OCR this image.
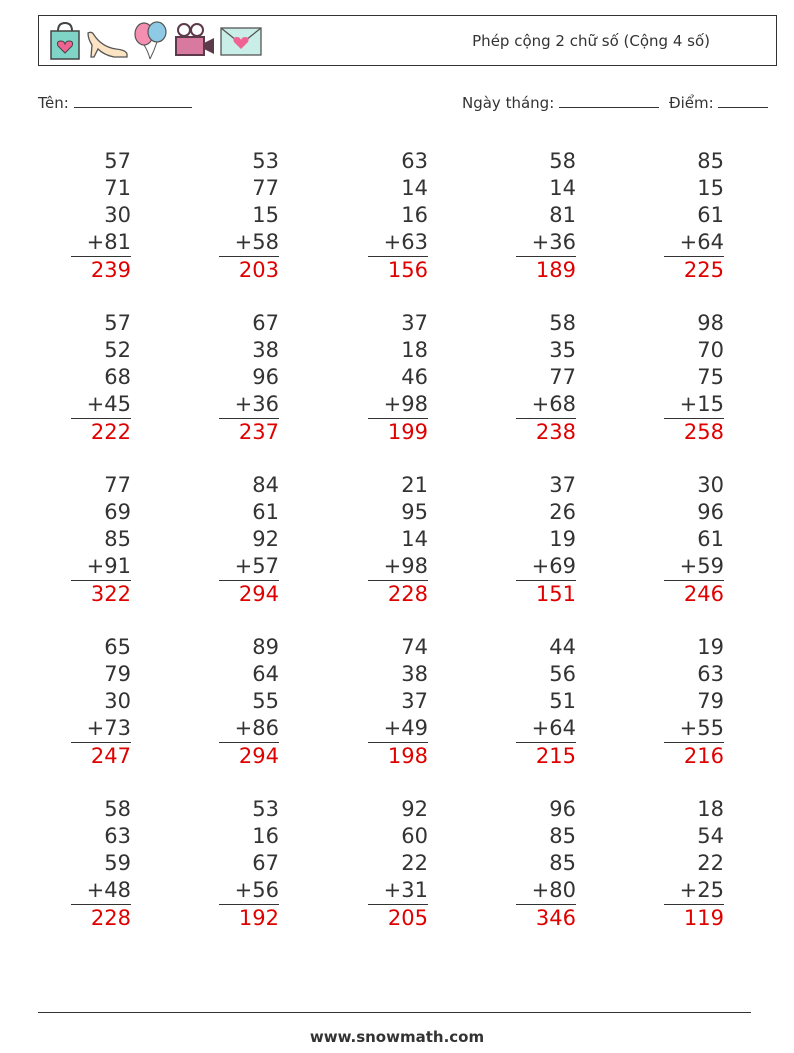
Phép cộng 2 chữ số (Cộng 4 số)
Tên:	Ngày tháng:	Điểm:
57
71
30
+81
239
53
77
15
+58
203
63
14
16
+63
156
58
14
81
+36
189
85
15
61
+64
225
57
52
68
+45
222
67
38
96
+36
237
37
18
46
+98
199
58
35
77
+68
238
98
70
75
+15
258
77
69
85
+91
322
84
61
92
+57
294
21
95
14
+98
228
37
26
19
+69
151
30
96
61
+59
246
65
79
30
+73
247
89
64
55
+86
294
74
38
37
+49
198
44
56
51
+64
215
19
63
79
+55
216
58
63
59
+48
228
53
16
67
+56
192
92
60
22
+31
205
96
85
85
+80
346
18
54
22
+25
119
www.snowmath.com
